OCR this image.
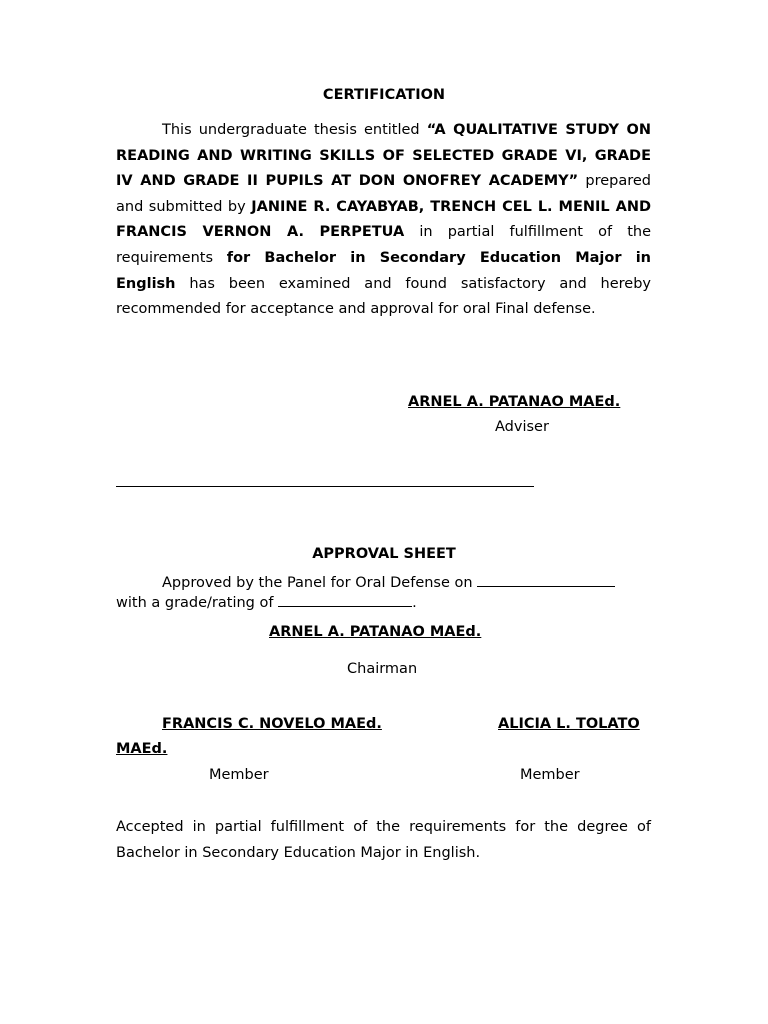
CERTIFICATION
This undergraduate thesis entitled “A QUALITATIVE STUDY ON READING AND WRITING SKILLS OF SELECTED GRADE VI, GRADE IV AND GRADE II PUPILS AT DON ONOFREY ACADEMY” prepared and submitted by JANINE R. CAYABYAB, TRENCH CEL L. MENIL AND FRANCIS VERNON A. PERPETUA in partial fulfillment of the requirements for Bachelor in Secondary Education Major in English has been examined and found satisfactory and hereby recommended for acceptance and approval for oral Final defense.
ARNEL A. PATANAO MAEd.
Adviser
APPROVAL SHEET
Approved by the Panel for Oral Defense on
with a grade/rating of	.
ARNEL A. PATANAO MAEd.
Chairman
FRANCIS C. NOVELO MAEd.	ALICIA L. TOLATO
MAEd.
Member	Member
Accepted in partial fulfillment of the requirements for the degree of Bachelor in Secondary Education Major in English.
